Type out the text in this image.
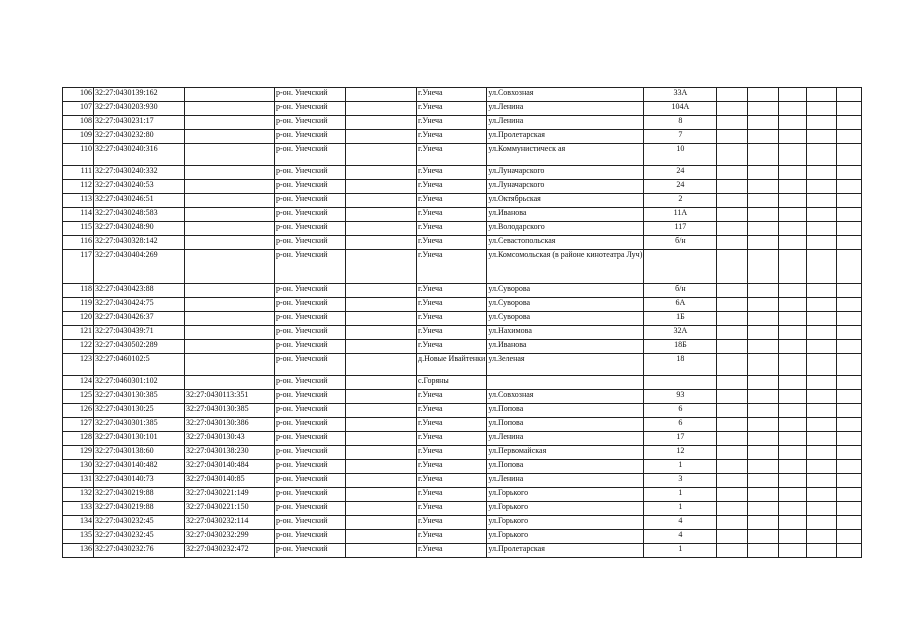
106	32:27:0430139:162		р-он. Унечский		г.Унеча	ул.Совхозная	33А					
107	32:27:0430203:930		р-он. Унечский		г.Унеча	ул.Ленина	104А					
108	32:27:0430231:17		р-он. Унечский		г.Унеча	ул.Ленина	8					
109	32:27:0430232:80		р-он. Унечский		г.Унеча	ул.Пролетарская	7					
110	32:27:0430240:316		р-он. Унечский		г.Унеча	ул.Коммунистическ ая	10					
111	32:27:0430240:332		р-он. Унечский		г.Унеча	ул.Луначарского	24					
112	32:27:0430240:53		р-он. Унечский		г.Унеча	ул.Луначарского	24					
113	32:27:0430246:51		р-он. Унечский		г.Унеча	ул.Октябрьская	2					
114	32:27:0430248:583		р-он. Унечский		г.Унеча	ул.Иванова	11А					
115	32:27:0430248:90		р-он. Унечский		г.Унеча	ул.Володарского	117					
116	32:27:0430328:142		р-он. Унечский		г.Унеча	ул.Севастопольская	б/н					
117	32:27:0430404:269		р-он. Унечский		г.Унеча	ул.Комсомольская (в районе кинотеатра Луч)						
118	32:27:0430423:88		р-он. Унечский		г.Унеча	ул.Суворова	б/н					
119	32:27:0430424:75		р-он. Унечский		г.Унеча	ул.Суворова	6А					
120	32:27:0430426:37		р-он. Унечский		г.Унеча	ул.Суворова	1Б					
121	32:27:0430439:71		р-он. Унечский		г.Унеча	ул.Нахимова	32А					
122	32:27:0430502:289		р-он. Унечский		г.Унеча	ул.Иванова	18Б					
123	32:27:0460102:5		р-он. Унечский		д.Новые Ивайтенки	ул.Зеленая	18					
124	32:27:0460301:102		р-он. Унечский		с.Горяны							
125	32:27:0430130:385	32:27:0430113:351	р-он. Унечский		г.Унеча	ул.Совхозная	93					
126	32:27:0430130:25	32:27:0430130:385	р-он. Унечский		г.Унеча	ул.Попова	6					
127	32:27:0430301:385	32:27:0430130:386	р-он. Унечский		г.Унеча	ул.Попова	6					
128	32:27:0430130:101	32:27:0430130:43	р-он. Унечский		г.Унеча	ул.Ленина	17					
129	32:27:0430138:60	32:27:0430138:230	р-он. Унечский		г.Унеча	ул.Первомайская	12					
130	32:27:0430140:482	32:27:0430140:484	р-он. Унечский		г.Унеча	ул.Попова	1					
131	32:27:0430140:73	32:27:0430140:85	р-он. Унечский		г.Унеча	ул.Ленина	3					
132	32:27:0430219:88	32:27:0430221:149	р-он. Унечский		г.Унеча	ул.Горького	1					
133	32:27:0430219:88	32:27:0430221:150	р-он. Унечский		г.Унеча	ул.Горького	1					
134	32:27:0430232:45	32:27:0430232:114	р-он. Унечский		г.Унеча	ул.Горького	4					
135	32:27:0430232:45	32:27:0430232:299	р-он. Унечский		г.Унеча	ул.Горького	4					
136	32:27:0430232:76	32:27:0430232:472	р-он. Унечский		г.Унеча	ул.Пролетарская	1					
